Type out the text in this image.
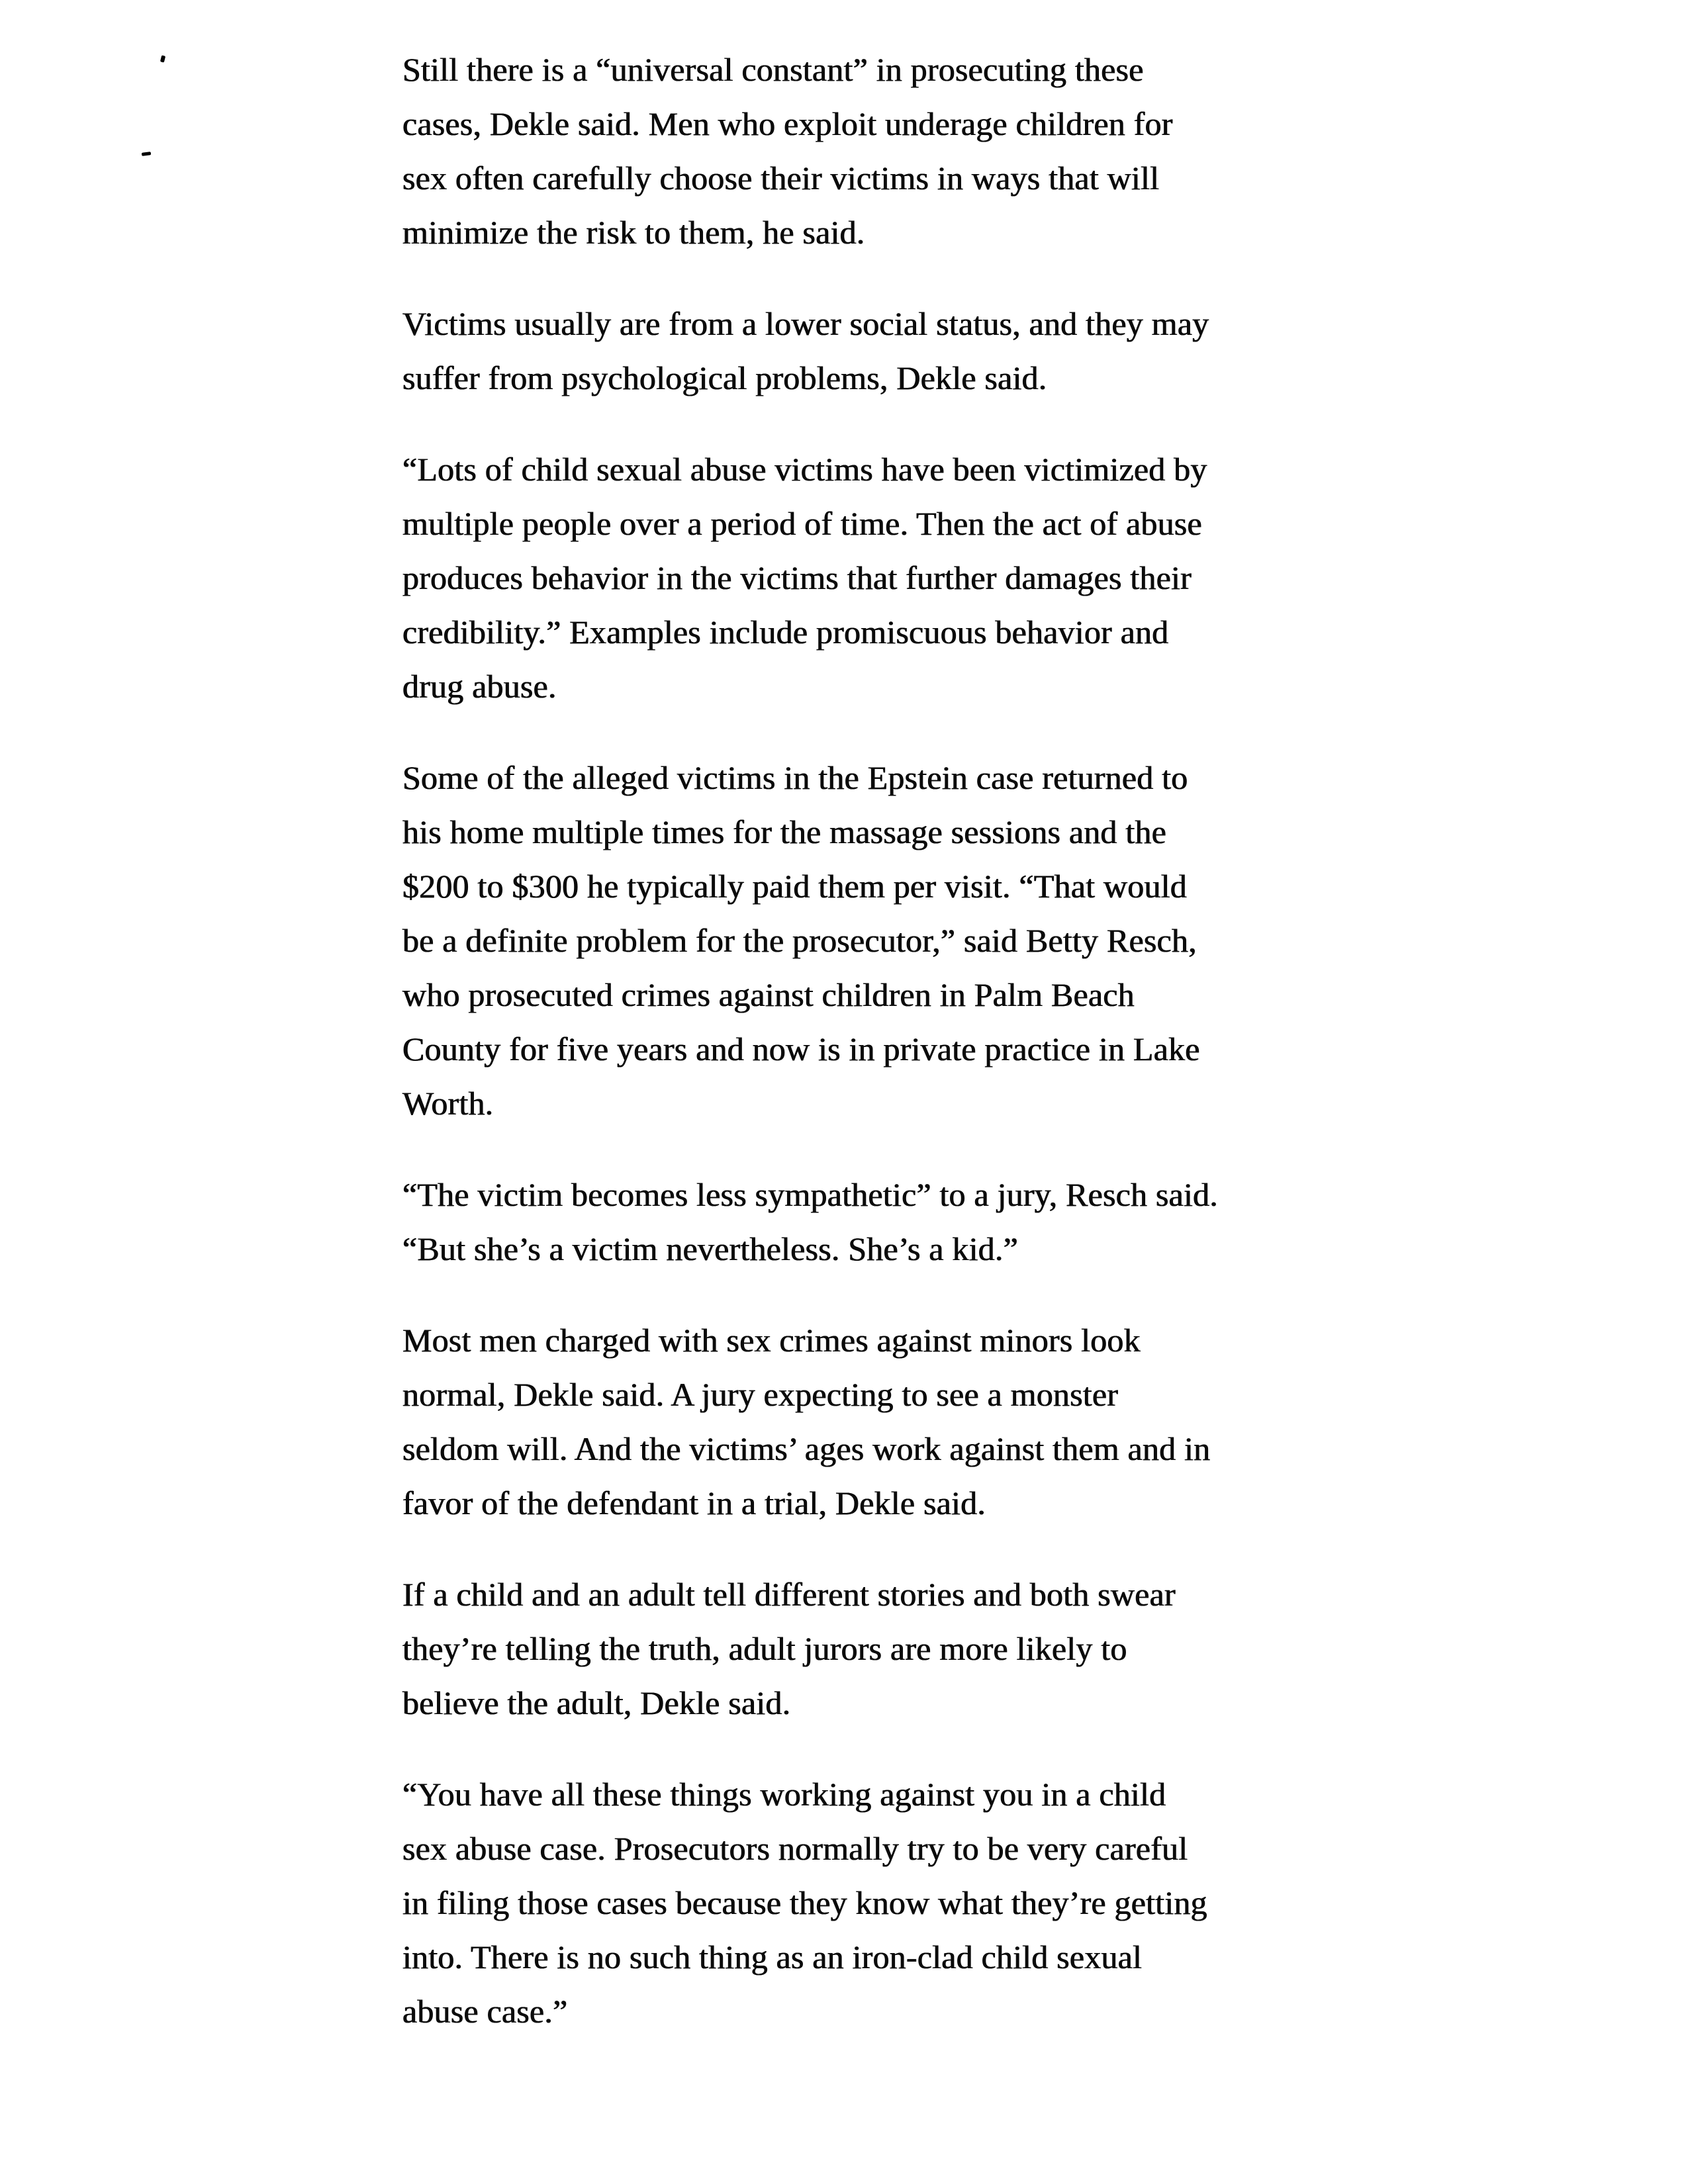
Still there is a “universal constant” in prosecuting these
cases, Dekle said. Men who exploit underage children for
sex often carefully choose their victims in ways that will
minimize the risk to them, he said.

Victims usually are from a lower social status, and they may
suffer from psychological problems, Dekle said.

“Lots of child sexual abuse victims have been victimized by
multiple people over a period of time. Then the act of abuse
produces behavior in the victims that further damages their
credibility.” Examples include promiscuous behavior and
drug abuse.

Some of the alleged victims in the Epstein case returned to
his home multiple times for the massage sessions and the
$200 to $300 he typically paid them per visit. “That would
be a definite problem for the prosecutor,” said Betty Resch,
who prosecuted crimes against children in Palm Beach
County for five years and now is in private practice in Lake
Worth.

“The victim becomes less sympathetic” to a jury, Resch said.
“But she’s a victim nevertheless. She’s a kid.”

Most men charged with sex crimes against minors look
normal, Dekle said. A jury expecting to see a monster
seldom will. And the victims’ ages work against them and in
favor of the defendant in a trial, Dekle said.

If a child and an adult tell different stories and both swear
they’re telling the truth, adult jurors are more likely to
believe the adult, Dekle said.

“You have all these things working against you in a child
sex abuse case. Prosecutors normally try to be very careful
in filing those cases because they know what they’re getting
into. There is no such thing as an iron-clad child sexual
abuse case.”
